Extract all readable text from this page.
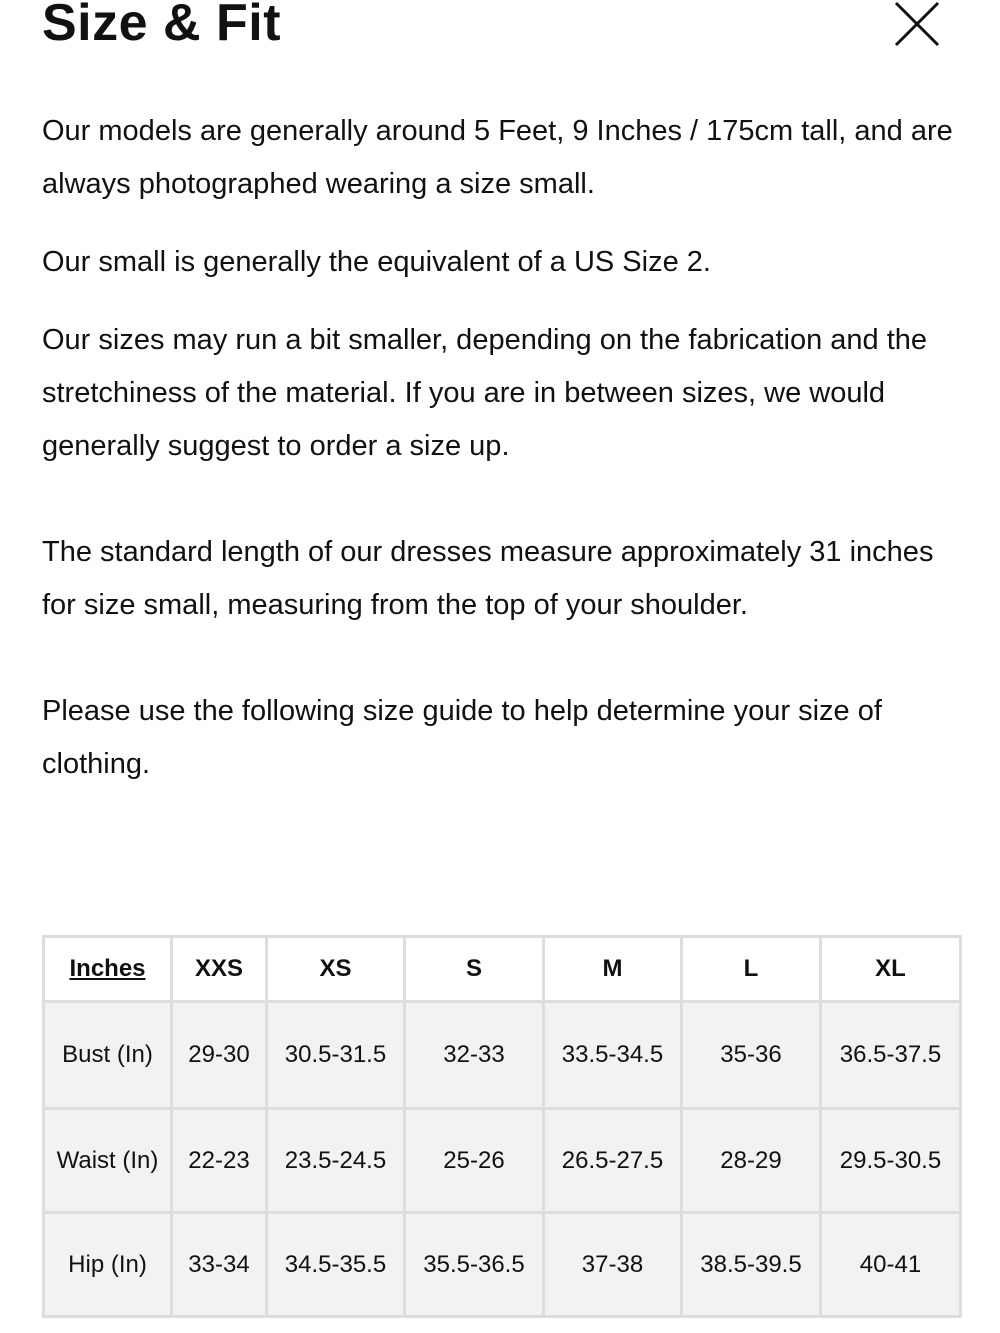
Size & Fit

Our models are generally around 5 Feet, 9 Inches / 175cm tall, and are always photographed wearing a size small.

Our small is generally the equivalent of a US Size 2.

Our sizes may run a bit smaller, depending on the fabrication and the stretchiness of the material. If you are in between sizes, we would generally suggest to order a size up.

The standard length of our dresses measure approximately 31 inches for size small, measuring from the top of your shoulder.

Please use the following size guide to help determine your size of clothing.

Inches	XXS	XS	S	M	L	XL
Bust (In)	29-30	30.5-31.5	32-33	33.5-34.5	35-36	36.5-37.5
Waist (In)	22-23	23.5-24.5	25-26	26.5-27.5	28-29	29.5-30.5
Hip (In)	33-34	34.5-35.5	35.5-36.5	37-38	38.5-39.5	40-41
